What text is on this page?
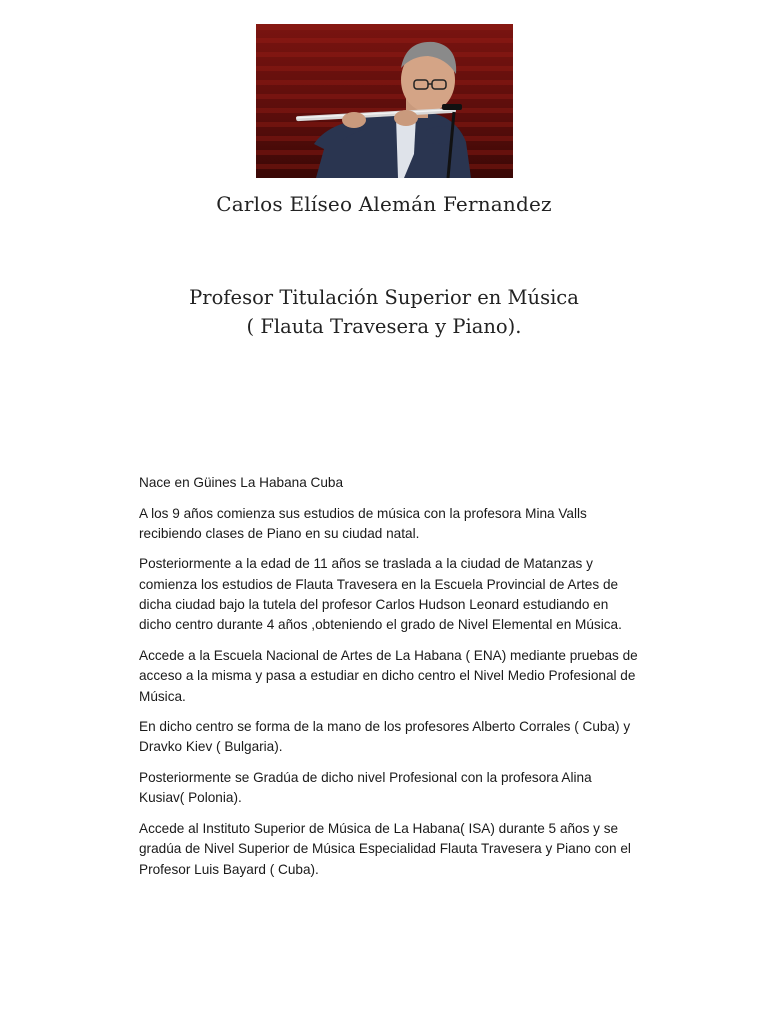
Carlos Elíseo Alemán Fernandez
Profesor Titulación Superior en Música
( Flauta Travesera y Piano).

Nace en Güines La Habana Cuba

A los 9 años comienza sus estudios de música con la profesora Mina Valls recibiendo clases de Piano en su ciudad natal.

Posteriormente a la edad de 11 años se traslada a la ciudad de Matanzas y comienza los estudios de Flauta Travesera en la Escuela Provincial de Artes de dicha ciudad bajo la tutela del profesor Carlos Hudson Leonard estudiando en dicho centro durante 4 años ,obteniendo el grado de Nivel Elemental en Música.

Accede a la Escuela Nacional de Artes de La Habana ( ENA) mediante pruebas de acceso a la misma y pasa a estudiar en dicho centro el Nivel Medio Profesional de Música.

En dicho centro se forma de la mano de los profesores Alberto Corrales ( Cuba) y Dravko Kiev ( Bulgaria).

Posteriormente se Gradúa de dicho nivel Profesional con la profesora Alina Kusiav( Polonia).

Accede al Instituto Superior de Música de La Habana( ISA) durante 5 años y se gradúa de Nivel Superior de Música Especialidad Flauta Travesera y Piano con el Profesor Luis Bayard ( Cuba).
